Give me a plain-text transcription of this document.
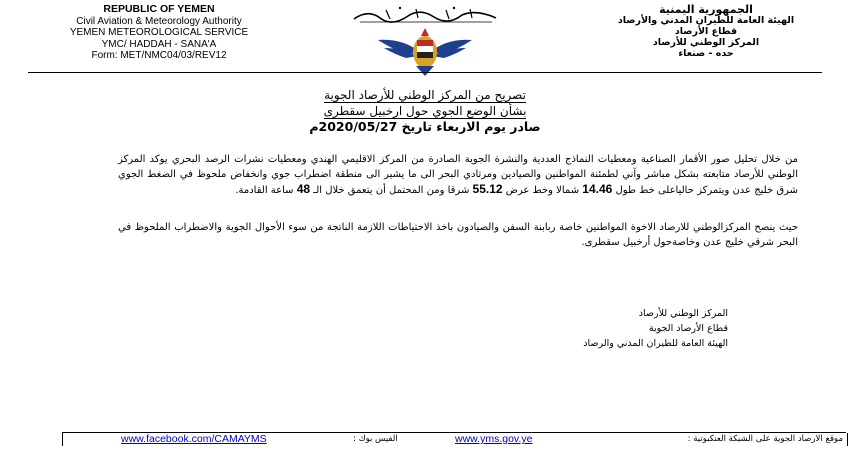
REPUBLIC OF YEMEN
Civil Aviation & Meteorology Authority
YEMEN METEOROLOGICAL SERVICE
YMC/ HADDAH - SANA'A
Form: MET/NMC04/03/REV12
الجمهورية اليمنية
الهيئة العامة للطيران المدني والأرصاد
قطاع الأرصاد
المركز الوطني للأرصاد
حده - صنعاء
تصريح من المركز الوطني للأرصاد الجوية
بشأن الوضع الجوي حول ارخبيل سقطرى
صادر يوم الاربعاء تاريخ 2020/05/27م
من خلال تحليل صور الأقمار الصناعية ومعطيات النماذج العددية والنشرة الجوية الصادرة من المركز الاقليمي الهندي ومعطيات نشرات الرصد البحري يوكد المركز الوطني للأرصاد متابعته بشكل مباشر وآني لطمئنة المواطنين والصيادين ومرتادي البحر الى ما يشير الى منطقة اضطراب جوي وانخفاض ملحوظ في الضغط الجوي شرق خليج عدن ويتمركز حالياعلى خط طول 14.46 شمالا وخط عرض 55.12 شرقا ومن المحتمل أن يتعمق خلال الـ 48 ساعة القادمة.
حيث ينصح المركزالوطني للارصاد الاخوة المواطنين خاصة ربابنة السفن والصيادون باخذ الاحتياطات اللازمة الناتجة من سوء الأحوال الجوية والاضطراب الملحوظ في البحر شرقي خليج عدن وخاصةحول أرخبيل سقطرى.
المركز الوطني للأرصاد
قطاع الأرصاد الجوية
الهيئة العامة للطيران المدني والرصاد
www.facebook.com/CAMAYMS	الفيس بوك :	www.yms.gov.ye	موقع الارصاد الجوية على الشبكة العنكبوتية :
